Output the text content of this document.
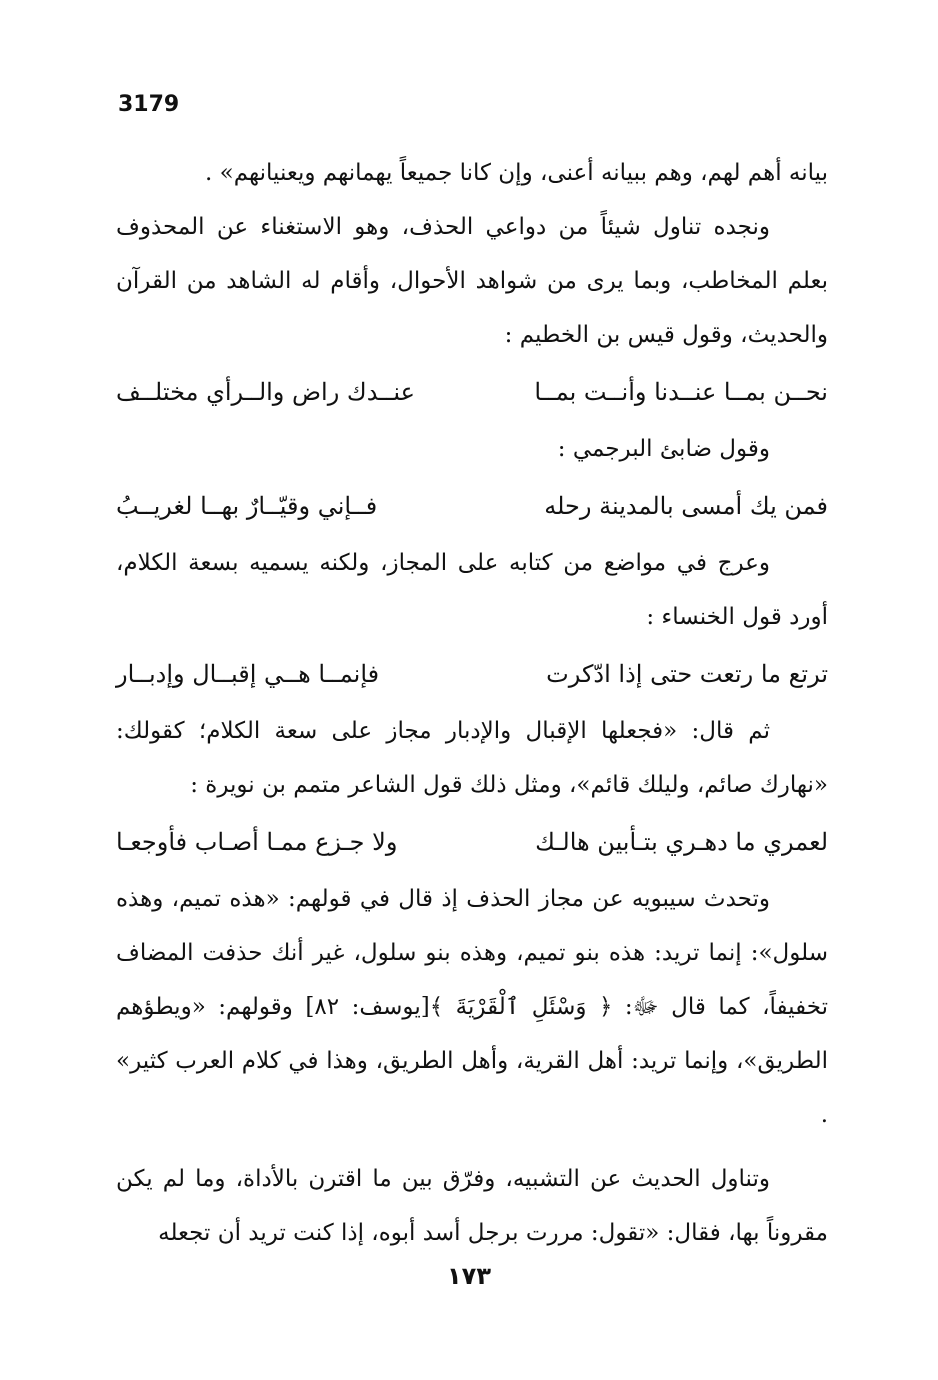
3179

بيانه أهم لهم، وهم ببيانه أعنى، وإن كانا جميعاً يهمانهم ويعنيانهم» .

ونجده تناول شيئاً من دواعي الحذف، وهو الاستغناء عن المحذوف بعلم المخاطب، وبما يرى من شواهد الأحوال، وأقام له الشاهد من القرآن والحديث، وقول قيس بن الخطيم :

نحــن بمــا عنــدنا وأنــت بمــا
عنــدك راض والــرأي مختلــف

وقول ضابئ البرجمي :

فمن يك أمسى بالمدينة رحله
فــإني وقيّــارٌ بهــا لغريــبُ

وعرج في مواضع من كتابه على المجاز، ولكنه يسميه بسعة الكلام، أورد قول الخنساء :

ترتع ما رتعت حتى إذا ادّكرت
فإنمــا هــي إقبــال وإدبــار

ثم قال: «فجعلها الإقبال والإدبار مجاز على سعة الكلام؛ كقولك: «نهارك صائم، وليلك قائم»، ومثل ذلك قول الشاعر متمم بن نويرة :

لعمري ما دهـري بتـأبين هالـك
ولا جـزع ممـا أصـاب فأوجعـا

وتحدث سيبويه عن مجاز الحذف إذ قال في قولهم: «هذه تميم، وهذه سلول»: إنما تريد: هذه بنو تميم، وهذه بنو سلول، غير أنك حذفت المضاف تخفيفاً، كما قال ﷻ: ﴿ وَسْئَلِ ٱلْقَرْيَةَ ﴾[يوسف: ٨٢] وقولهم: «ويطؤهم الطريق»، وإنما تريد: أهل القرية، وأهل الطريق، وهذا في كلام العرب كثير» .

وتناول الحديث عن التشبيه، وفرّق بين ما اقترن بالأداة، وما لم يكن مقروناً بها، فقال: «تقول: مررت برجل أسد أبوه، إذا كنت تريد أن تجعله

١٧٣
